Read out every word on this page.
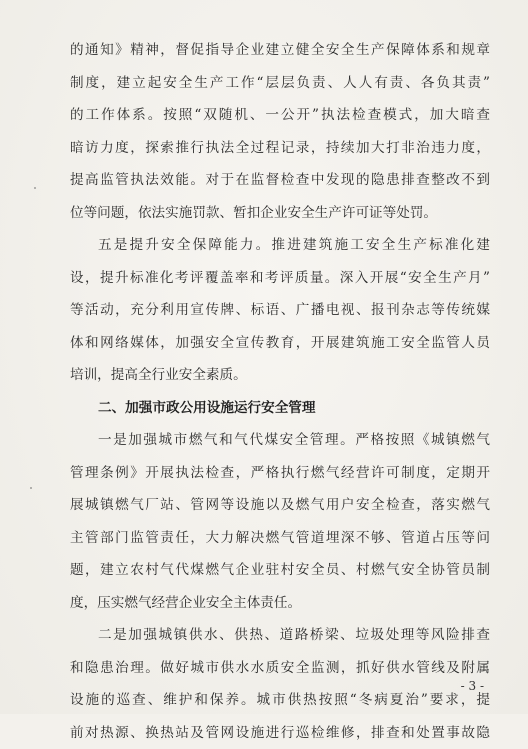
的通知》精神，督促指导企业建立健全安全生产保障体系和规章
制度，建立起安全生产工作“层层负责、人人有责、各负其责”
的工作体系。按照“双随机、一公开”执法检查模式，加大暗查
暗访力度，探索推行执法全过程记录，持续加大打非治违力度，
提高监管执法效能。对于在监督检查中发现的隐患排查整改不到
位等问题，依法实施罚款、暂扣企业安全生产许可证等处罚。
五是提升安全保障能力。推进建筑施工安全生产标准化建
设，提升标准化考评覆盖率和考评质量。深入开展“安全生产月”
等活动，充分利用宣传牌、标语、广播电视、报刊杂志等传统媒
体和网络媒体，加强安全宣传教育，开展建筑施工安全监管人员
培训，提高全行业安全素质。
二、加强市政公用设施运行安全管理
一是加强城市燃气和气代煤安全管理。严格按照《城镇燃气
管理条例》开展执法检查，严格执行燃气经营许可制度，定期开
展城镇燃气厂站、管网等设施以及燃气用户安全检查，落实燃气
主管部门监管责任，大力解决燃气管道埋深不够、管道占压等问
题，建立农村气代煤燃气企业驻村安全员、村燃气安全协管员制
度，压实燃气经营企业安全主体责任。
二是加强城镇供水、供热、道路桥梁、垃圾处理等风险排查
和隐患治理。做好城市供水水质安全监测，抓好供水管线及附属
设施的巡查、维护和保养。城市供热按照“冬病夏治”要求，提
前对热源、换热站及管网设施进行巡检维修，排查和处置事故隐
- 3 -
